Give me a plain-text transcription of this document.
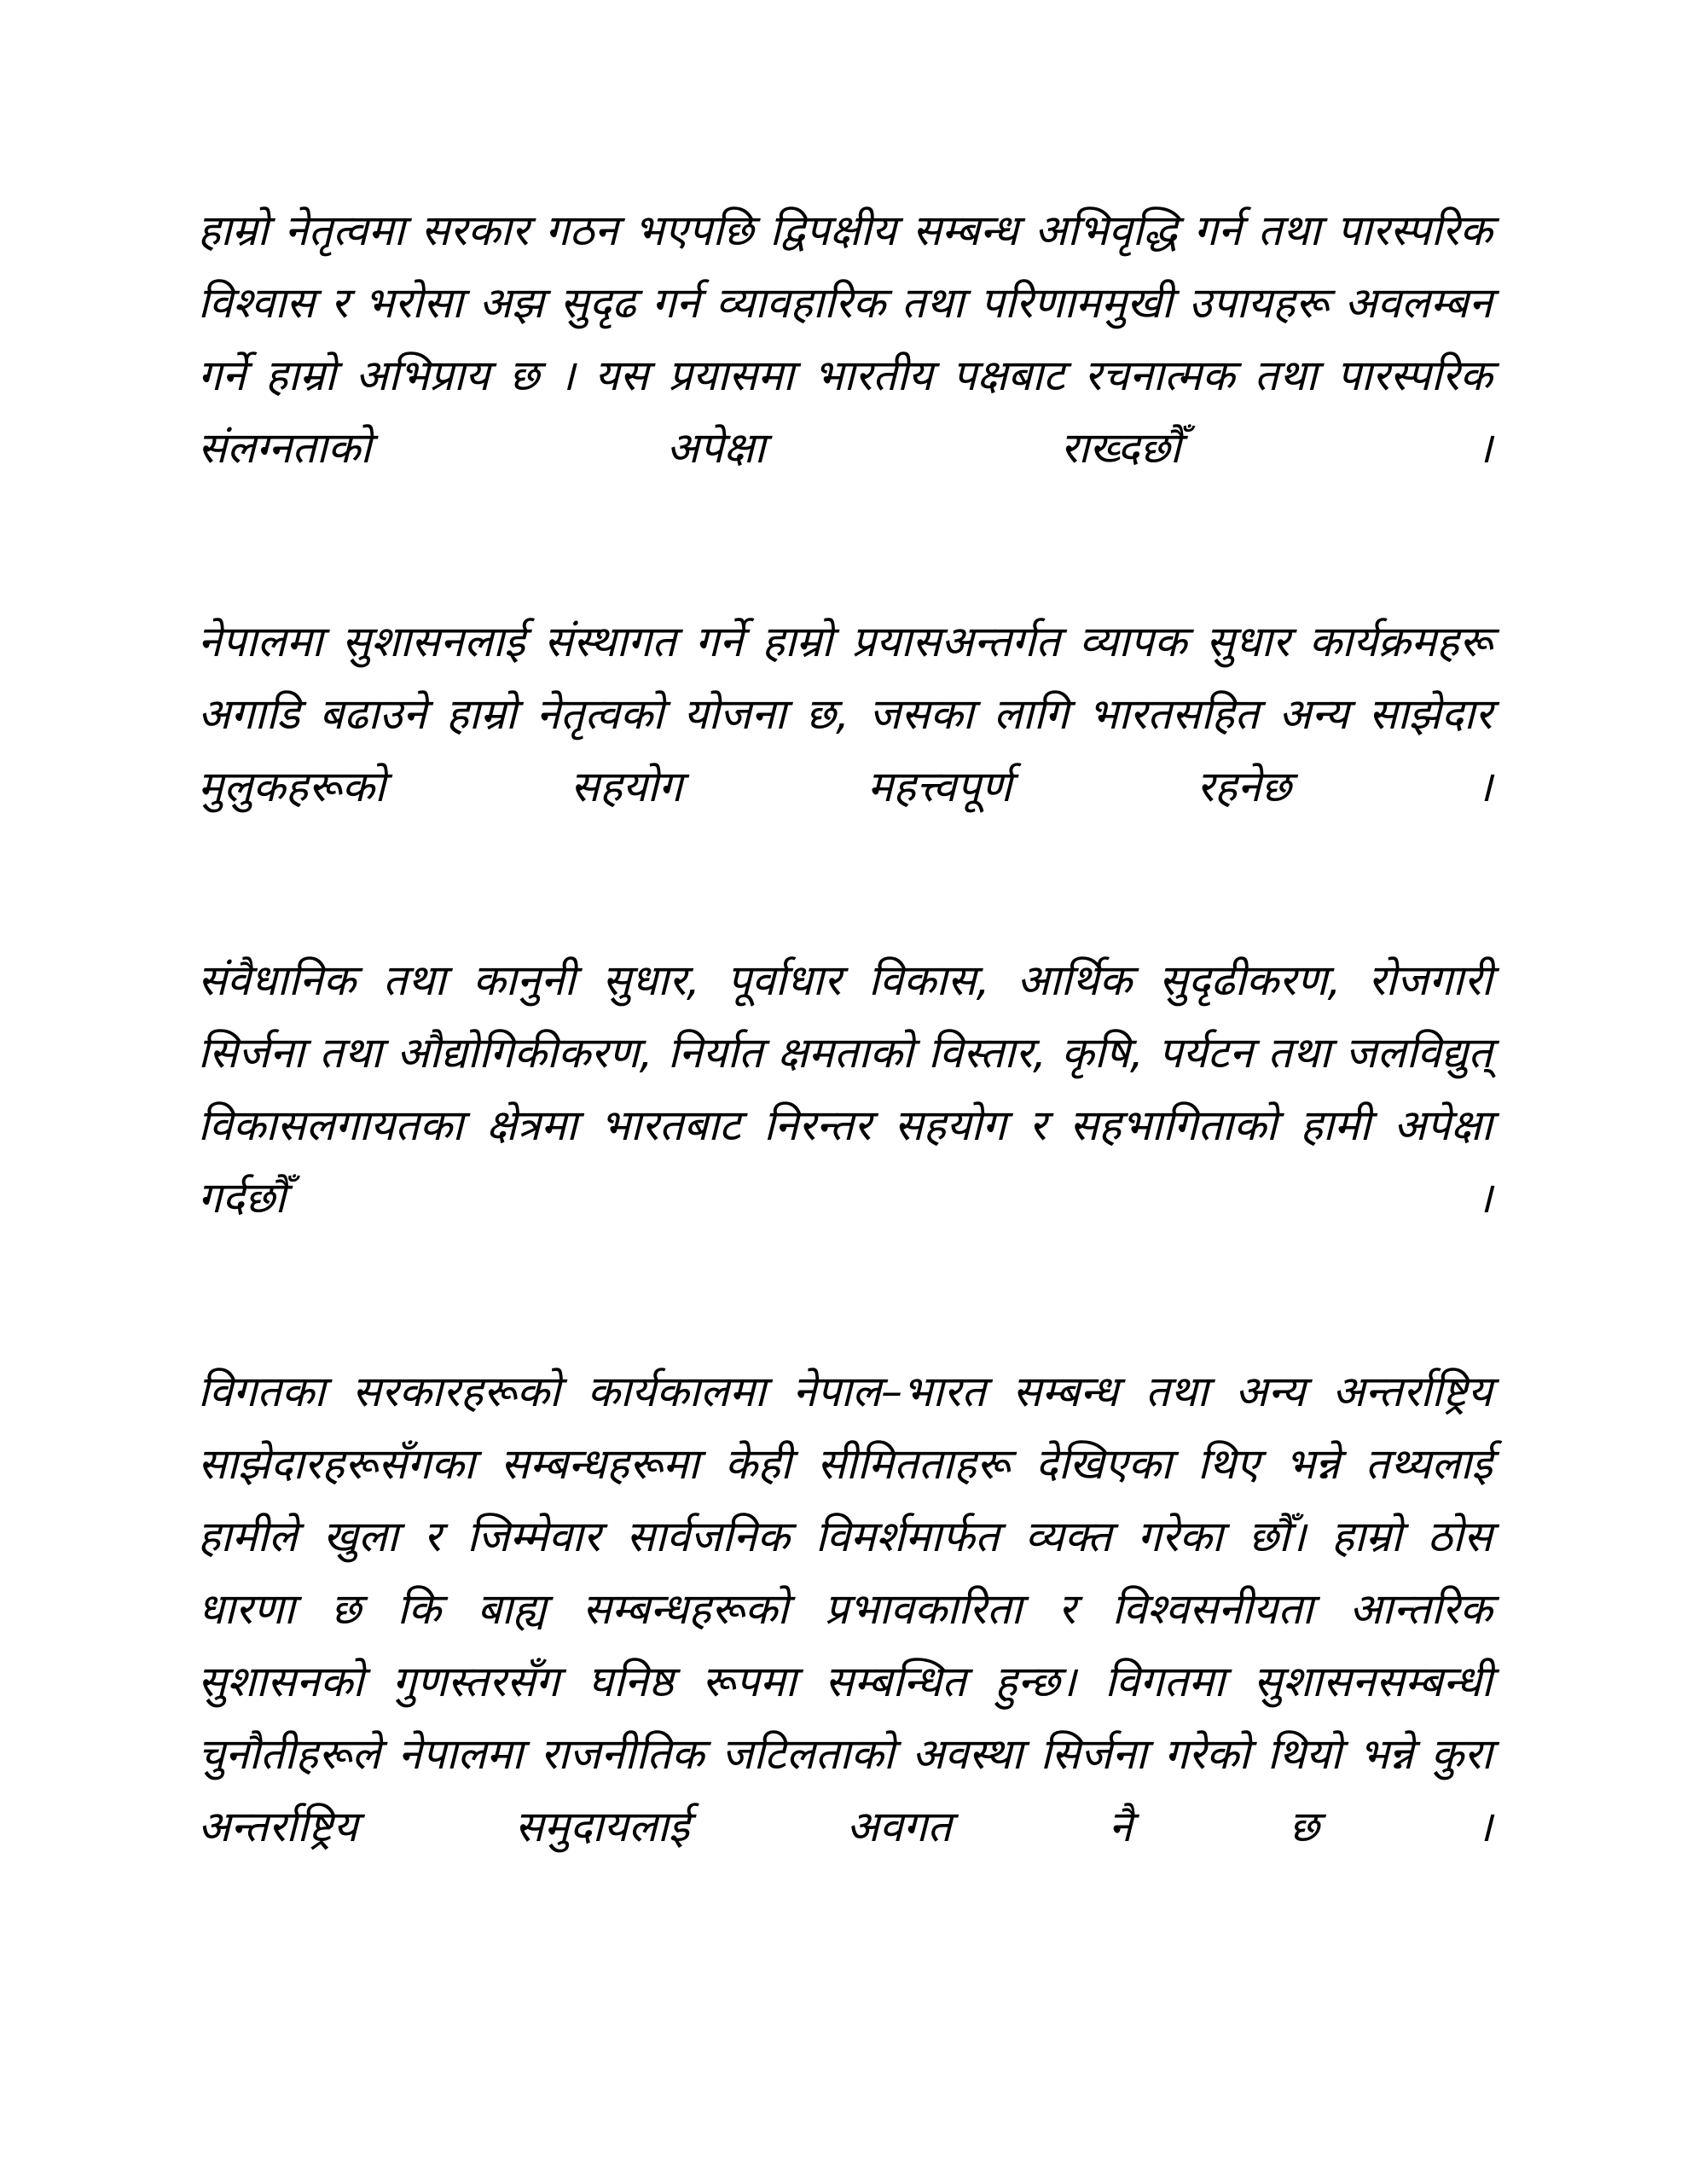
हाम्रो नेतृत्वमा सरकार गठन भएपछि द्विपक्षीय सम्बन्ध अभिवृद्धि गर्न तथा पारस्परिक विश्वास र भरोसा अझ सुदृढ गर्न व्यावहारिक तथा परिणाममुखी उपायहरू अवलम्बन गर्ने हाम्रो अभिप्राय छ । यस प्रयासमा भारतीय पक्षबाट रचनात्मक तथा पारस्परिक संलग्नताको अपेक्षा राख्दछौँ ।

नेपालमा सुशासनलाई संस्थागत गर्ने हाम्रो प्रयासअन्तर्गत व्यापक सुधार कार्यक्रमहरू अगाडि बढाउने हाम्रो नेतृत्वको योजना छ, जसका लागि भारतसहित अन्य साझेदार मुलुकहरूको सहयोग महत्त्वपूर्ण रहनेछ ।

संवैधानिक तथा कानुनी सुधार, पूर्वाधार विकास, आर्थिक सुदृढीकरण, रोजगारी सिर्जना तथा औद्योगिकीकरण, निर्यात क्षमताको विस्तार, कृषि, पर्यटन तथा जलविद्युत् विकासलगायतका क्षेत्रमा भारतबाट निरन्तर सहयोग र सहभागिताको हामी अपेक्षा गर्दछौँ ।

विगतका सरकारहरूको कार्यकालमा नेपाल–भारत सम्बन्ध तथा अन्य अन्तर्राष्ट्रिय साझेदारहरूसँगका सम्बन्धहरूमा केही सीमितताहरू देखिएका थिए भन्ने तथ्यलाई हामीले खुला र जिम्मेवार सार्वजनिक विमर्शमार्फत व्यक्त गरेका छौँ। हाम्रो ठोस धारणा छ कि बाह्य सम्बन्धहरूको प्रभावकारिता र विश्वसनीयता आन्तरिक सुशासनको गुणस्तरसँग घनिष्ठ रूपमा सम्बन्धित हुन्छ। विगतमा सुशासनसम्बन्धी चुनौतीहरूले नेपालमा राजनीतिक जटिलताको अवस्था सिर्जना गरेको थियो भन्ने कुरा अन्तर्राष्ट्रिय समुदायलाई अवगत नै छ ।
